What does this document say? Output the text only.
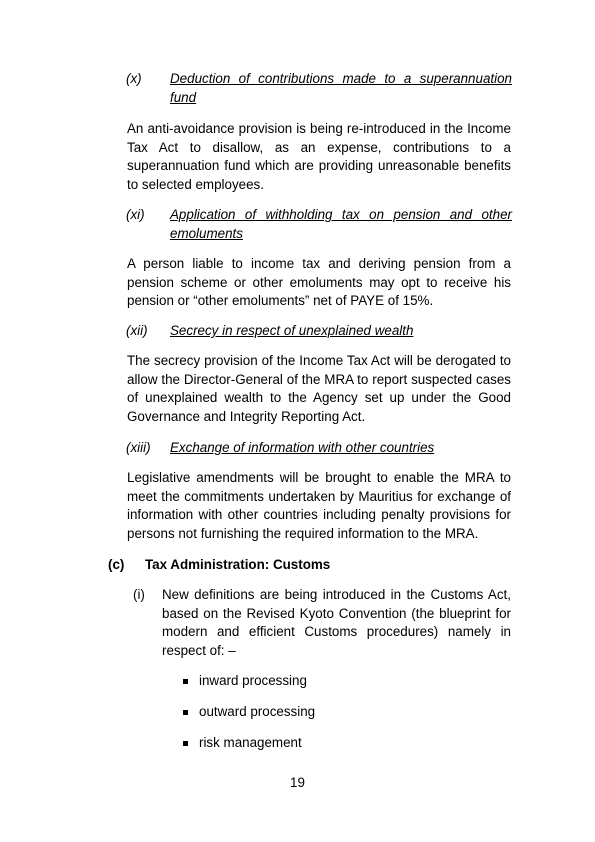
(x)	Deduction of contributions made to a superannuation fund
An anti-avoidance provision is being re-introduced in the Income Tax Act to disallow, as an expense, contributions to a superannuation fund which are providing unreasonable benefits to selected employees.
(xi)	Application of withholding tax on pension and other emoluments
A person liable to income tax and deriving pension from a pension scheme or other emoluments may opt to receive his pension or “other emoluments” net of PAYE of 15%.
(xii)	Secrecy in respect of unexplained wealth
The secrecy provision of the Income Tax Act will be derogated to allow the Director-General of the MRA to report suspected cases of unexplained wealth to the Agency set up under the Good Governance and Integrity Reporting Act.
(xiii)	Exchange of information with other countries
Legislative amendments will be brought to enable the MRA to meet the commitments undertaken by Mauritius for exchange of information with other countries including penalty provisions for persons not furnishing the required information to the MRA.
(c)	Tax Administration: Customs
(i)	New definitions are being introduced in the Customs Act, based on the Revised Kyoto Convention (the blueprint for modern and efficient Customs procedures) namely in respect of: –
inward processing
outward processing
risk management
19
